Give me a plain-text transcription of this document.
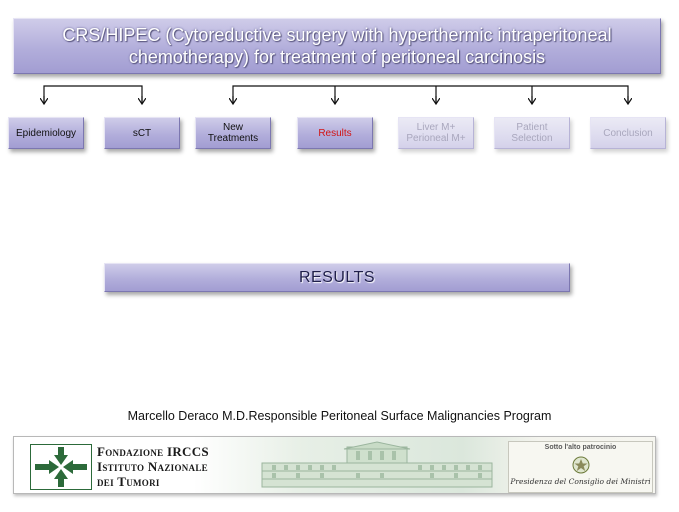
CRS/HIPEC (Cytoreductive surgery with hyperthermic intraperitoneal chemotherapy) for treatment of peritoneal carcinosis
Epidemiology	sCT	New
Treatments	Results	Liver M+
Perioneal M+
Patient
Selection	Conclusion
RESULTS
Marcello Deraco M.D.Responsible Peritoneal Surface Malignancies Program
Fondazione IRCCS
Istituto Nazionale
dei Tumori
Sotto l'alto patrocinio
Presidenza del Consiglio dei Ministri
